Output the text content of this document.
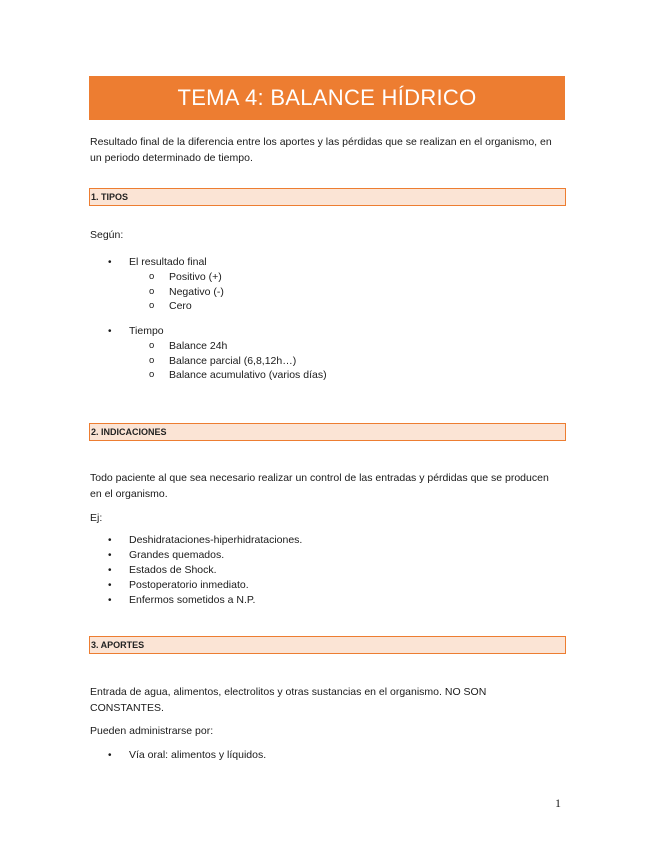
TEMA 4: BALANCE HÍDRICO
Resultado final de la diferencia entre los aportes y las pérdidas que se realizan en el organismo, en un periodo determinado de tiempo.
1. TIPOS
Según:
• El resultado final
o Positivo (+)
o Negativo (-)
o Cero
• Tiempo
o Balance 24h
o Balance parcial (6,8,12h…)
o Balance acumulativo (varios días)
2. INDICACIONES
Todo paciente al que sea necesario realizar un control de las entradas y pérdidas que se producen en el organismo.
Ej:
• Deshidrataciones-hiperhidrataciones.
• Grandes quemados.
• Estados de Shock.
• Postoperatorio inmediato.
• Enfermos sometidos a N.P.
3. APORTES
Entrada de agua, alimentos, electrolitos y otras sustancias en el organismo. NO SON CONSTANTES.
Pueden administrarse por:
• Vía oral: alimentos y líquidos.
1
